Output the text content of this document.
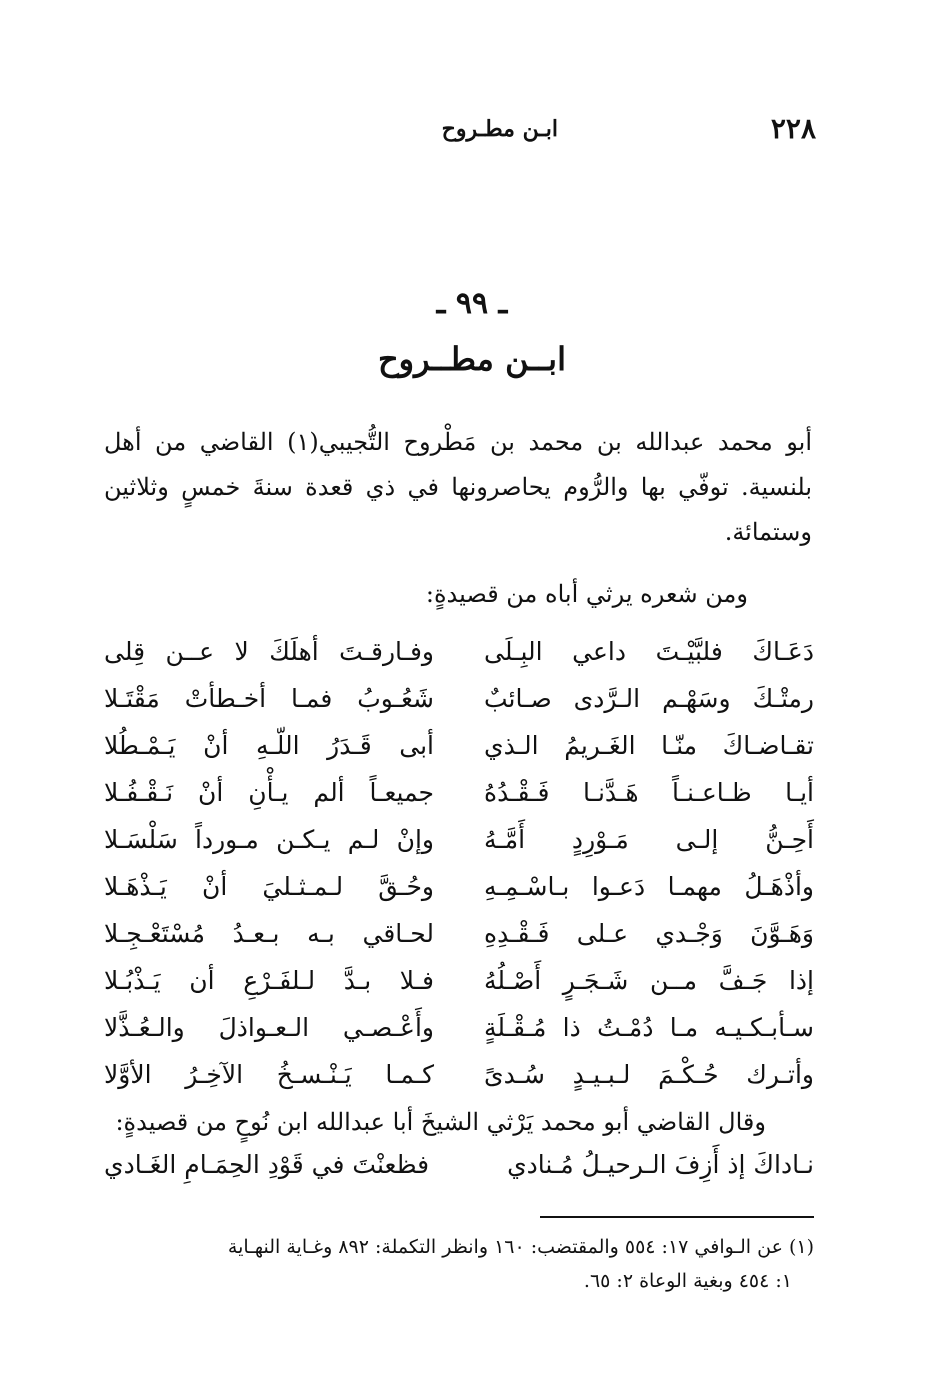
٢٢٨
ابـن مطـروح
ـ ٩٩ ـ
ابــن مطــروح
أبو محمد عبدالله بن محمد بن مَطْروح التُّجيبي(١) القاضي من أهل بلنسية. توفّي بها والرُّوم يحاصرونها في ذي قعدة سنةَ خمسٍ وثلاثين وستمائة.
ومن شعره يرثي أباه من قصيدةٍ:
دَعَـاكَ فلبَّيْـتَ داعي البِـلَى
وفـارقـتَ أهلَكَ لا عــن قِلى
رمتْـكَ وسَهْـم الـرَّدى صـائبٌ
شَعُـوبُ فمـا أخـطأتْ مَقْتَـلا
تقـاضـاكَ منّـا الغَـريمُ الـذي
أبى قَـدَرُ اللّـهِ أنْ يَـمْـطُلا
أيـا ظـاعـنـاً هَـدَّنـا فَـقْـدُهُ
جميعـاً ألم يـأْنِ أنْ نَـقْـفُـلا
أَحِـنُّ إلـى مَـوْرِدٍ أَمَّـهُ
وإنْ لـم يـكـن مـورداً سَلْسَـلا
وأذْهَـلُ مهمـا دَعـوا بـاسْـمِـهِ
وحُـقَّ لـمـثـليَ أنْ يَـذْهَـلا
وَهَـوَّنَ وَجْـدي عـلى فَـقْـدِهِ
لحـاقي بـه بـعـدُ مُسْتَعْـجِـلا
إذا جَـفَّ مــن شَـجَـرٍ أَصْـلُهُ
فـلا بـدَّ لـلفَـرْعِ أن يَـذْبُـلا
سـأبـكـيـه مـا دُمْـتُ ذا مُـقْـلَةٍ
وأَعْـصـي الـعـواذلَ والـعُـذَّلا
وأتـرك حُـكْـمَ لـبـيـدٍ سُـدىً
كـمـا يَـنْـسـخُ الآخِـرُ الأوَّلا
وقال القاضي أبو محمد يَرْثي الشيخَ أبا عبدالله ابن نُوحٍ من قصيدةٍ:
نـاداكَ إذ أَزِفَ الـرحيـلُ مُـنادي
فظعنْتَ في قَوْدِ الحِمَـامِ الغَـادي
(١) عن الـوافي ١٧: ٥٥٤ والمقتضب: ١٦٠ وانظر التكملة: ٨٩٢ وغـاية النهـاية
١: ٤٥٤ وبغية الوعاة ٢: ٦٥.
